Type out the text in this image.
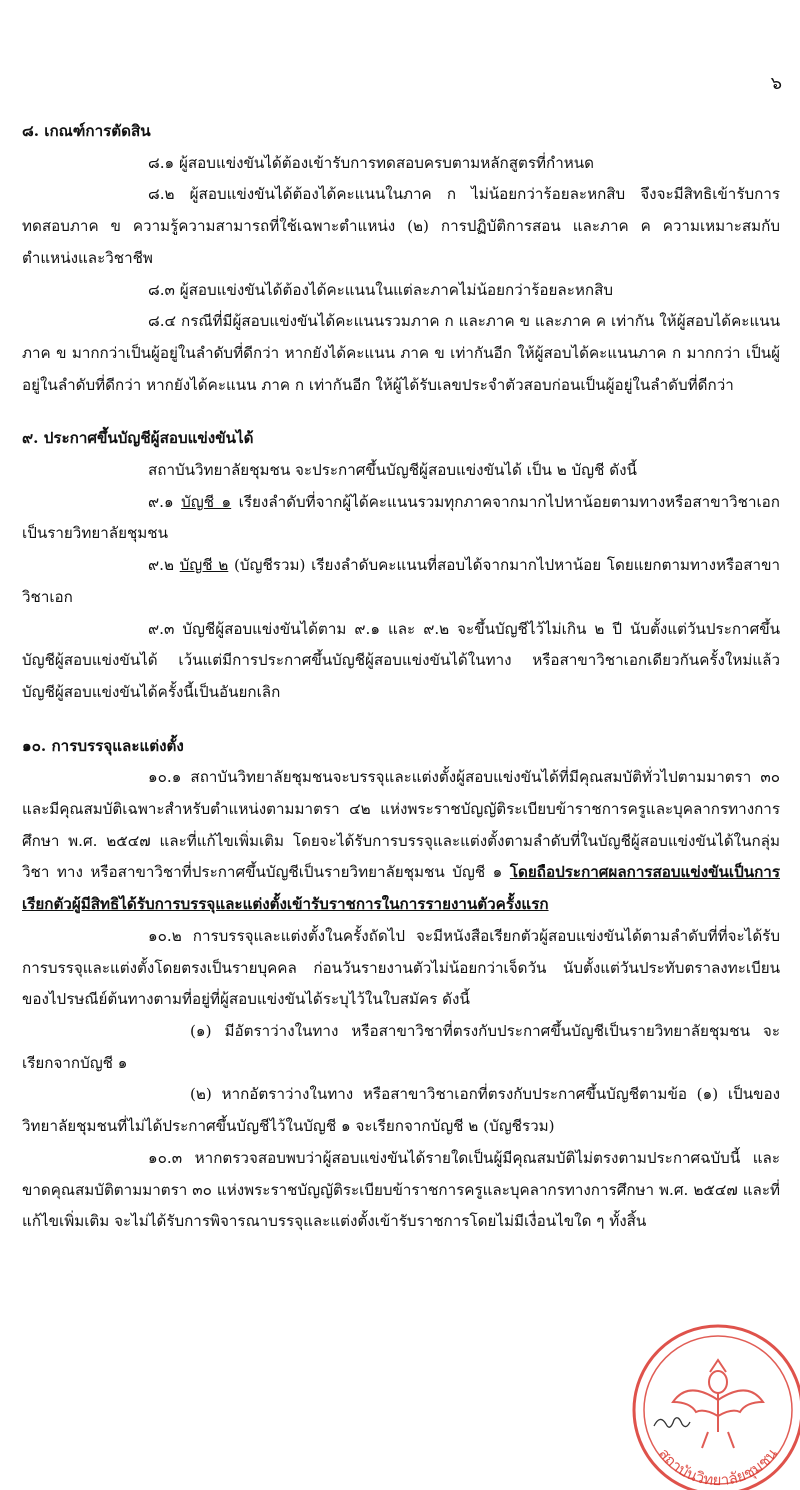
๖

๘. เกณฑ์การตัดสิน

๘.๑ ผู้สอบแข่งขันได้ต้องเข้ารับการทดสอบครบตามหลักสูตรที่กำหนด

๘.๒ ผู้สอบแข่งขันได้ต้องได้คะแนนในภาค ก ไม่น้อยกว่าร้อยละหกสิบ จึงจะมีสิทธิเข้ารับการทดสอบภาค ข ความรู้ความสามารถที่ใช้เฉพาะตำแหน่ง (๒) การปฏิบัติการสอน และภาค ค ความเหมาะสมกับตำแหน่งและวิชาชีพ

๘.๓ ผู้สอบแข่งขันได้ต้องได้คะแนนในแต่ละภาคไม่น้อยกว่าร้อยละหกสิบ

๘.๔ กรณีที่มีผู้สอบแข่งขันได้คะแนนรวมภาค ก และภาค ข และภาค ค เท่ากัน ให้ผู้สอบได้คะแนนภาค ข มากกว่าเป็นผู้อยู่ในลำดับที่ดีกว่า หากยังได้คะแนน ภาค ข เท่ากันอีก ให้ผู้สอบได้คะแนนภาค ก มากกว่า เป็นผู้อยู่ในลำดับที่ดีกว่า หากยังได้คะแนน ภาค ก เท่ากันอีก ให้ผู้ได้รับเลขประจำตัวสอบก่อนเป็นผู้อยู่ในลำดับที่ดีกว่า

๙. ประกาศขึ้นบัญชีผู้สอบแข่งขันได้

สถาบันวิทยาลัยชุมชน จะประกาศขึ้นบัญชีผู้สอบแข่งขันได้ เป็น ๒ บัญชี ดังนี้

๙.๑ บัญชี ๑ เรียงลำดับที่จากผู้ได้คะแนนรวมทุกภาคจากมากไปหาน้อยตามทางหรือสาขาวิชาเอกเป็นรายวิทยาลัยชุมชน

๙.๒ บัญชี ๒ (บัญชีรวม) เรียงลำดับคะแนนที่สอบได้จากมากไปหาน้อย โดยแยกตามทางหรือสาขาวิชาเอก

๙.๓ บัญชีผู้สอบแข่งขันได้ตาม ๙.๑ และ ๙.๒ จะขึ้นบัญชีไว้ไม่เกิน ๒ ปี นับตั้งแต่วันประกาศขึ้นบัญชีผู้สอบแข่งขันได้ เว้นแต่มีการประกาศขึ้นบัญชีผู้สอบแข่งขันได้ในทาง หรือสาขาวิชาเอกเดียวกันครั้งใหม่แล้ว บัญชีผู้สอบแข่งขันได้ครั้งนี้เป็นอันยกเลิก

๑๐. การบรรจุและแต่งตั้ง

๑๐.๑ สถาบันวิทยาลัยชุมชนจะบรรจุและแต่งตั้งผู้สอบแข่งขันได้ที่มีคุณสมบัติทั่วไปตามมาตรา ๓๐ และมีคุณสมบัติเฉพาะสำหรับตำแหน่งตามมาตรา ๔๒ แห่งพระราชบัญญัติระเบียบข้าราชการครูและบุคลากรทางการศึกษา พ.ศ. ๒๕๔๗ และที่แก้ไขเพิ่มเติม โดยจะได้รับการบรรจุและแต่งตั้งตามลำดับที่ในบัญชีผู้สอบแข่งขันได้ในกลุ่มวิชา ทาง หรือสาขาวิชาที่ประกาศขึ้นบัญชีเป็นรายวิทยาลัยชุมชน บัญชี ๑ โดยถือประกาศผลการสอบแข่งขันเป็นการเรียกตัวผู้มีสิทธิได้รับการบรรจุและแต่งตั้งเข้ารับราชการในการรายงานตัวครั้งแรก

๑๐.๒ การบรรจุและแต่งตั้งในครั้งถัดไป จะมีหนังสือเรียกตัวผู้สอบแข่งขันได้ตามลำดับที่ที่จะได้รับการบรรจุและแต่งตั้งโดยตรงเป็นรายบุคคล ก่อนวันรายงานตัวไม่น้อยกว่าเจ็ดวัน นับตั้งแต่วันประทับตราลงทะเบียนของไปรษณีย์ต้นทางตามที่อยู่ที่ผู้สอบแข่งขันได้ระบุไว้ในใบสมัคร ดังนี้

(๑) มีอัตราว่างในทาง หรือสาขาวิชาที่ตรงกับประกาศขึ้นบัญชีเป็นรายวิทยาลัยชุมชน จะเรียกจากบัญชี ๑

(๒) หากอัตราว่างในทาง หรือสาขาวิชาเอกที่ตรงกับประกาศขึ้นบัญชีตามข้อ (๑) เป็นของวิทยาลัยชุมชนที่ไม่ได้ประกาศขึ้นบัญชีไว้ในบัญชี ๑ จะเรียกจากบัญชี ๒ (บัญชีรวม)

๑๐.๓ หากตรวจสอบพบว่าผู้สอบแข่งขันได้รายใดเป็นผู้มีคุณสมบัติไม่ตรงตามประกาศฉบับนี้ และขาดคุณสมบัติตามมาตรา ๓๐ แห่งพระราชบัญญัติระเบียบข้าราชการครูและบุคลากรทางการศึกษา พ.ศ. ๒๕๔๗ และที่แก้ไขเพิ่มเติม จะไม่ได้รับการพิจารณาบรรจุและแต่งตั้งเข้ารับราชการโดยไม่มีเงื่อนไขใด ๆ ทั้งสิ้น

สถาบันวิทยาลัยชุมชน
